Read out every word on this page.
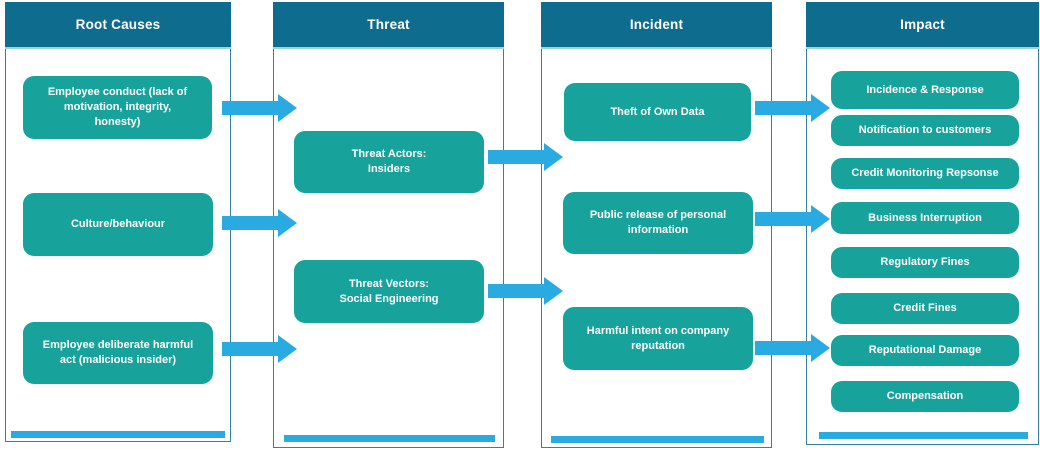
Root Causes
Employee conduct (lack of
motivation, integrity,
honesty)
Culture/behaviour
Employee deliberate harmful
act (malicious insider)
Threat
Threat Actors:
Insiders
Threat Vectors:
Social Engineering
Incident
Theft of Own Data
Public release of personal
information
Harmful intent on company
reputation
Impact
Incidence & Response
Notification to customers
Credit Monitoring Repsonse
Business Interruption
Regulatory Fines
Credit Fines
Reputational Damage
Compensation
